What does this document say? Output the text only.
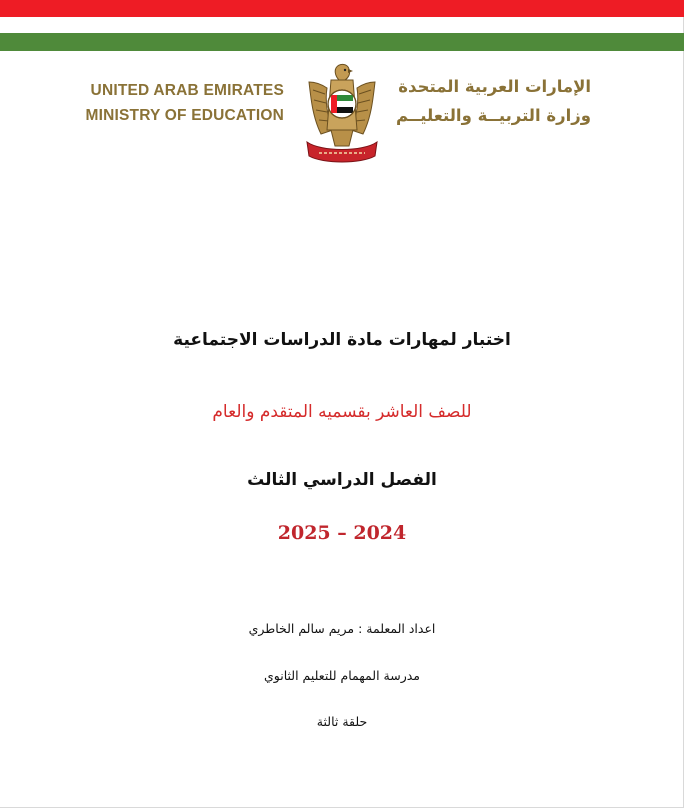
UNITED ARAB EMIRATES
MINISTRY OF EDUCATION
الإمارات العربية المتحدة
وزارة التربيــة والتعليــم
اختبار لمهارات مادة الدراسات الاجتماعية
للصف العاشر بقسميه المتقدم والعام
الفصل الدراسي الثالث
2025 – 2024
اعداد المعلمة : مريم سالم الخاطري
مدرسة المهمام للتعليم الثانوي
حلقة ثالثة
